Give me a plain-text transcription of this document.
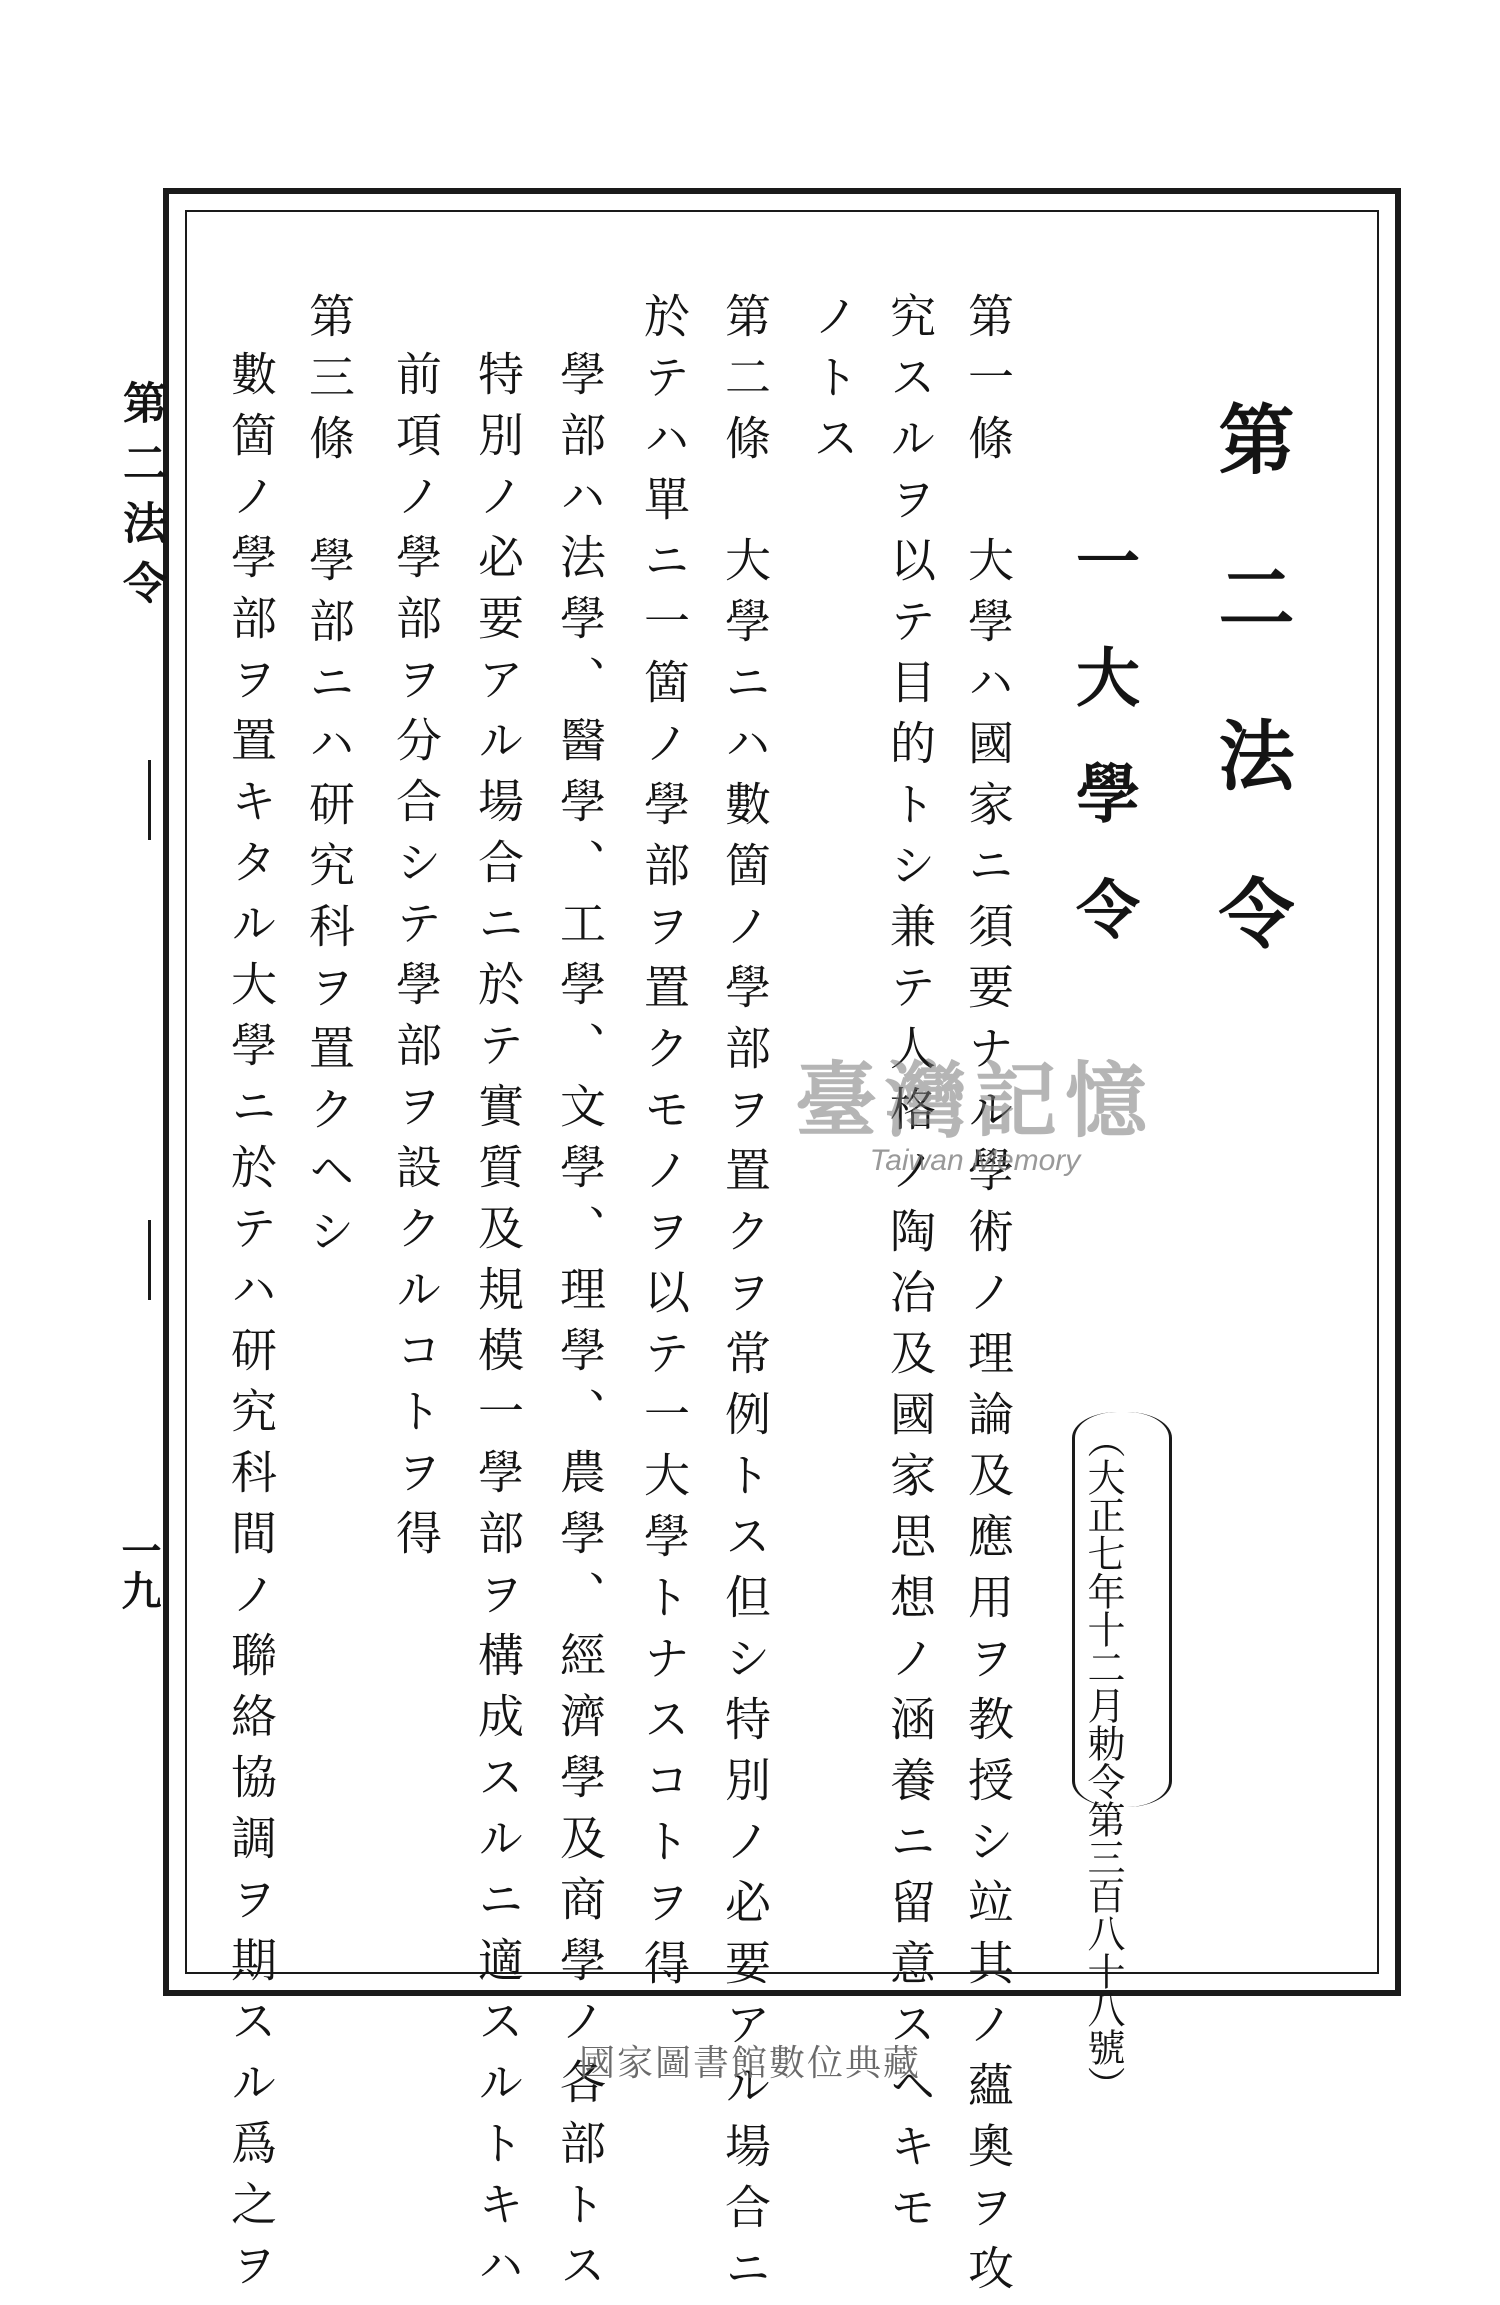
第二法令
一大學令
（大正七年十二月勅令第三百八十八號）
第一條　大學ハ國家ニ須要ナル學術ノ理論及應用ヲ教授シ竝其ノ蘊奧ヲ攻
究スルヲ以テ目的トシ兼テ人格ノ陶冶及國家思想ノ涵養ニ留意スヘキモ
ノトス
第二條　大學ニハ數箇ノ學部ヲ置クヲ常例トス但シ特別ノ必要アル場合ニ
於テハ單ニ一箇ノ學部ヲ置クモノヲ以テ一大學トナスコトヲ得
學部ハ法學、醫學、工學、文學、理學、農學、經濟學及商學ノ各部トス
特別ノ必要アル場合ニ於テ實質及規模一學部ヲ構成スルニ適スルトキハ
前項ノ學部ヲ分合シテ學部ヲ設クルコトヲ得
第三條　學部ニハ研究科ヲ置クヘシ
數箇ノ學部ヲ置キタル大學ニ於テハ研究科間ノ聯絡協調ヲ期スル爲之ヲ
第二法令
一九
臺灣記憶
Taiwan Memory
國家圖書館數位典藏
